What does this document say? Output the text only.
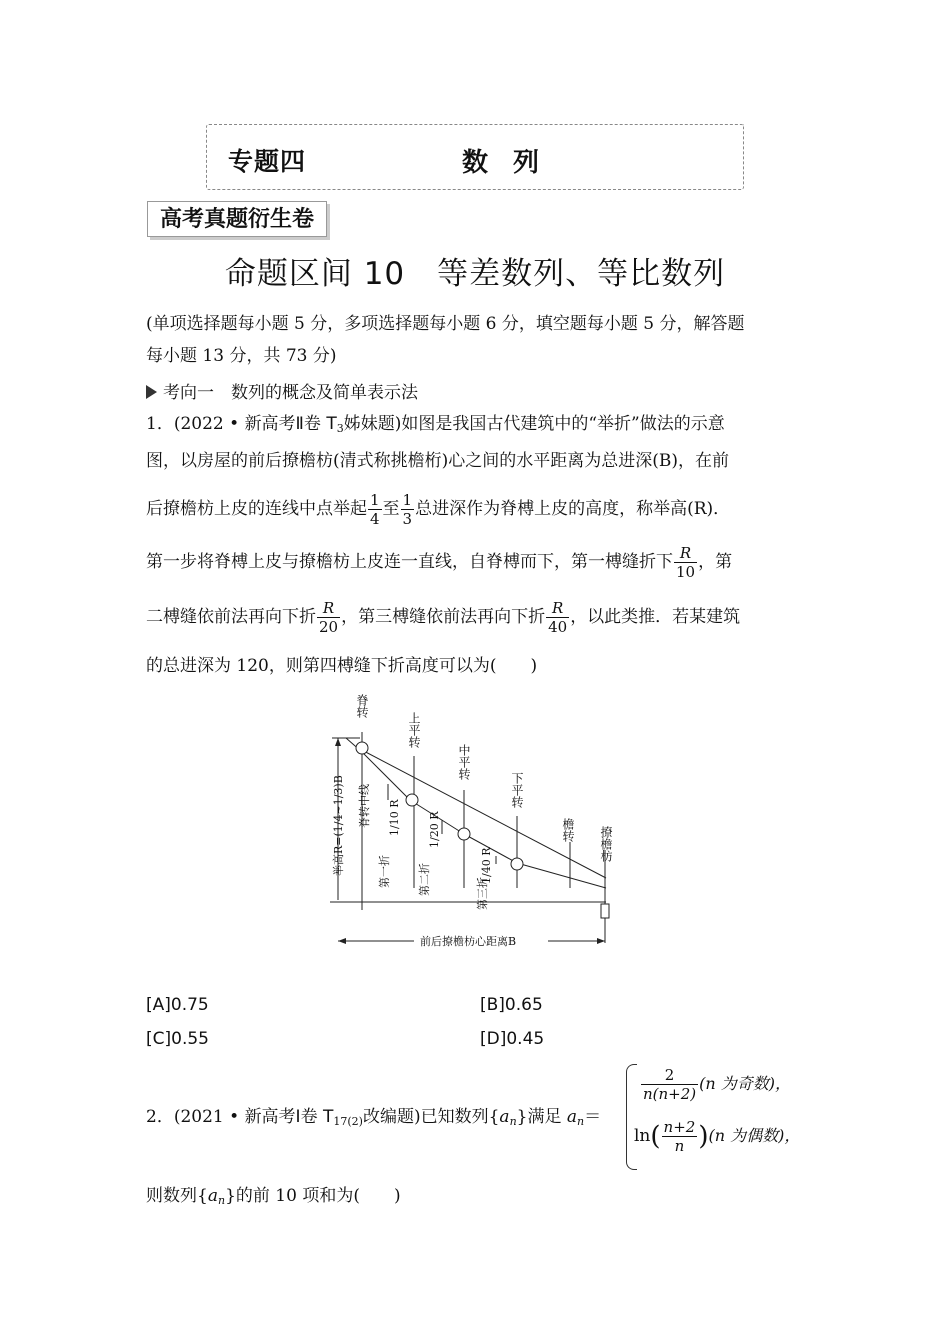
专题四	数 列
高考真题衍生卷
命题区间 10　等差数列、等比数列
(单项选择题每小题 5 分，多项选择题每小题 6 分，填空题每小题 5 分，解答题
每小题 13 分，共 73 分)
考向一　数列的概念及简单表示法
1．(2022 • 新高考Ⅱ卷 $T_3$姊妹题)如图是我国古代建筑中的“举折”做法的示意
图，以房屋的前后撩檐枋(清式称挑檐桁)心之间的水平距离为总进深(B)，在前
后撩檐枋上皮的连线中点举起 $\frac{1}{4}$ 至 $\frac{1}{3}$ 总进深作为脊榑上皮的高度，称举高(R)．
第一步将脊榑上皮与撩檐枋上皮连一直线，自脊榑而下，第一榑缝折下 $\frac{R}{10}$ ，第
二榑缝依前法再向下折 $\frac{R}{20}$ ，第三榑缝依前法再向下折 $\frac{R}{40}$ ，以此类推．若某建筑
的总进深为 120，则第四榑缝下折高度可以为(　　)
脊转
上平转
中平转
下平转
檐转 撩檐枋
举高R=(1/4~1/3)B 脊转中线
第一折
1/10 R
第二折
1/20 R
第三折
1/40 R
前后撩檐枋心距离B
[A]0.75	[B]0.65
[C]0.55	[D]0.45
2．(2021 • 新高考Ⅰ卷 $T_{17(2)}$改编题)已知数列$\{a_n\}$满足 $a_n=$
$\frac{2}{n(n+2)} (n$ 为奇数)，
$\ln( \frac{n+2}{n} )(n$ 为偶数)，
则数列$\{a_n\}$的前 10 项和为(　　)
